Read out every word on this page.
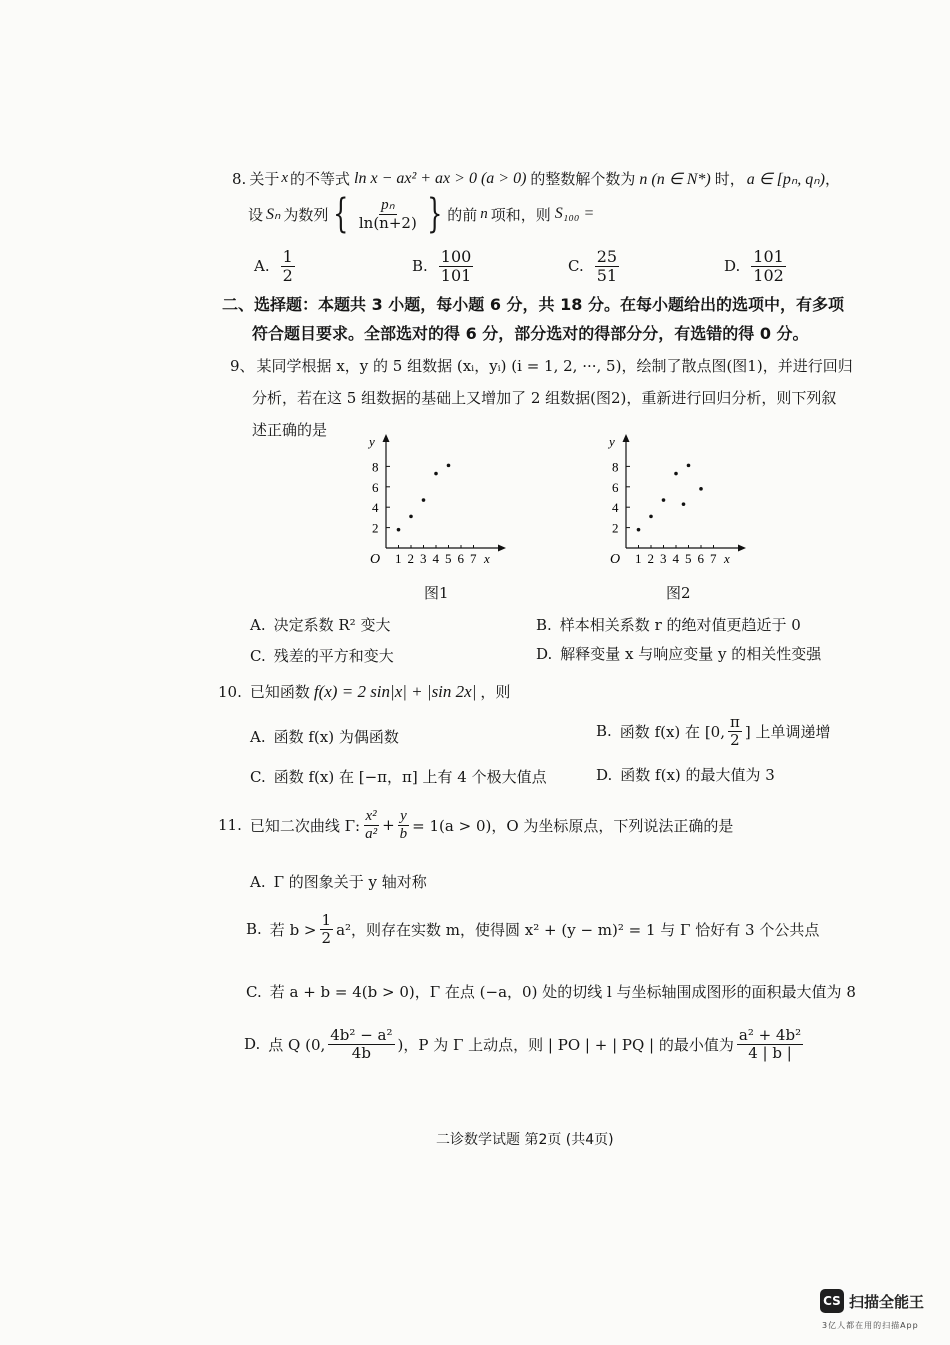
8. 关于 x 的不等式 ln x − ax² + ax > 0 (a > 0) 的整数解个数为 n (n ∈ N*) 时， a ∈ [pₙ, qₙ) ，
设 Sₙ 为数列 { $\frac{\text{pₙ}}{\ln(n+2)}$ } 的前 n 项和，则 S₁₀₀ =
A. $\frac{1}{2}$	B. $\frac{100}{101}$	C. $\frac{25}{51}$	D. $\frac{101}{102}$
二、选择题：本题共 3 小题，每小题 6 分，共 18 分。在每小题给出的选项中，有多项
符合题目要求。全部选对的得 6 分，部分选对的得部分分，有选错的得 0 分。
9、 某同学根据 x，y 的 5 组数据 (xᵢ，yᵢ) (i = 1, 2, ···, 5)，绘制了散点图(图1)，并进行回归
分析，若在这 5 组数据的基础上又增加了 2 组数据(图2)，重新进行回归分析，则下列叙
述正确的是
O	x
y
1 2 3 4 5 6 7
2
4
6
8
图1
O	x
y
1 2 3 4 5 6 7
2
4
6
8
图2
A. 决定系数 R² 变大	B. 样本相关系数 r 的绝对值更趋近于 0
C. 残差的平方和变大	D. 解释变量 x 与响应变量 y 的相关性变强
10. 已知函数 f(x) = 2 sin|x| + |sin 2x| ，则
A. 函数 f(x) 为偶函数	B. 函数 f(x) 在 [0, $\frac{\pi}{2}$ ] 上单调递增
C. 函数 f(x) 在 [−π，π] 上有 4 个极大值点	D. 函数 f(x) 的最大值为 3
11. 已知二次曲线 Γ: $\frac{\text{x²}}{\text{a²}} + \frac{y}{b} = 1(a > 0)$，O 为坐标原点，下列说法正确的是
A. Γ 的图象关于 y 轴对称
B. 若 $b > \frac{1}{2} a^2$，则存在实数 m，使得圆 x² + (y − m)² = 1 与 Γ 恰好有 3 个公共点
C. 若 a + b = 4(b > 0)，Γ 在点 (−a，0) 处的切线 l 与坐标轴围成图形的面积最大值为 8
D. 点 Q (0, $\frac{\text{4b² − a²}}{4b}$ )，P 为 Γ 上动点，则 | PO | + | PQ | 的最小值为 $\frac{\text{a² + 4b²}}{4 | b |}$
二诊数学试题 第2页 (共4页)
CS 扫描全能王
3亿人都在用的扫描App
